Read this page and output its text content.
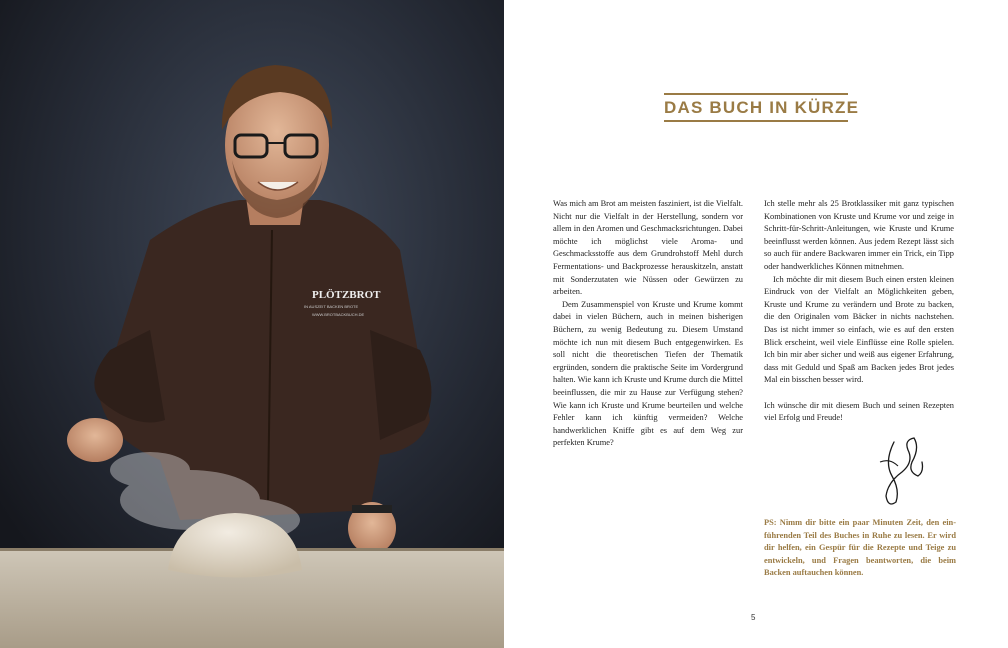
PLÖTZBROT
IN AUSZEIT BACKEN BROTE
WWW.BROTBACKBUCH.DE
DAS BUCH IN KÜRZE

Was mich am Brot am meisten fasziniert, ist die Vielfalt. Nicht nur die Vielfalt in der Herstellung, sondern vor allem in den Aromen und Geschmacksrichtungen. Dabei möchte ich möglichst viele Aroma- und Geschmacksstoffe aus dem Grundrohstoff Mehl durch Fermentations- und Backprozesse herauskitzeln, anstatt mit Sonderzutaten wie Nüssen oder Gewürzen zu arbeiten.

Dem Zusammenspiel von Kruste und Krume kommt dabei in vielen Büchern, auch in meinen bisherigen Büchern, zu wenig Bedeutung zu. Diesem Umstand möchte ich nun mit diesem Buch entgegenwirken. Es soll nicht die theoretischen Tiefen der Thematik ergründen, sondern die praktische Seite im Vordergrund halten. Wie kann ich Kruste und Krume durch die Mittel beeinflussen, die mir zu Hause zur Verfügung stehen? Wie kann ich Kruste und Krume beurteilen und welche Fehler kann ich künftig vermeiden? Welche handwerklichen Kniffe gibt es auf dem Weg zur perfekten Krume?

Ich stelle mehr als 25 Brotklassiker mit ganz typischen Kombinationen von Kruste und Krume vor und zeige in Schritt-für-Schritt-Anleitungen, wie Kruste und Krume beeinflusst werden können. Aus jedem Rezept lässt sich so auch für andere Backwaren immer ein Trick, ein Tipp oder handwerkliches Können mitnehmen.

Ich möchte dir mit diesem Buch einen ersten kleinen Eindruck von der Vielfalt an Möglichkeiten geben, Kruste und Krume zu verändern und Brote zu backen, die den Originalen vom Bäcker in nichts nachstehen. Das ist nicht immer so einfach, wie es auf den ersten Blick erscheint, weil viele Einflüsse eine Rolle spielen. Ich bin mir aber sicher und weiß aus eigener Erfahrung, dass mit Geduld und Spaß am Backen jedes Brot jedes Mal ein bisschen besser wird.

Ich wünsche dir mit diesem Buch und seinen Rezepten viel Erfolg und Freude!

PS: Nimm dir bitte ein paar Minuten Zeit, den einführenden Teil des Buches in Ruhe zu lesen. Er wird dir helfen, ein Gespür für die Rezepte und Teige zu entwickeln, und Fragen beantworten, die beim Backen auftauchen können.
5
